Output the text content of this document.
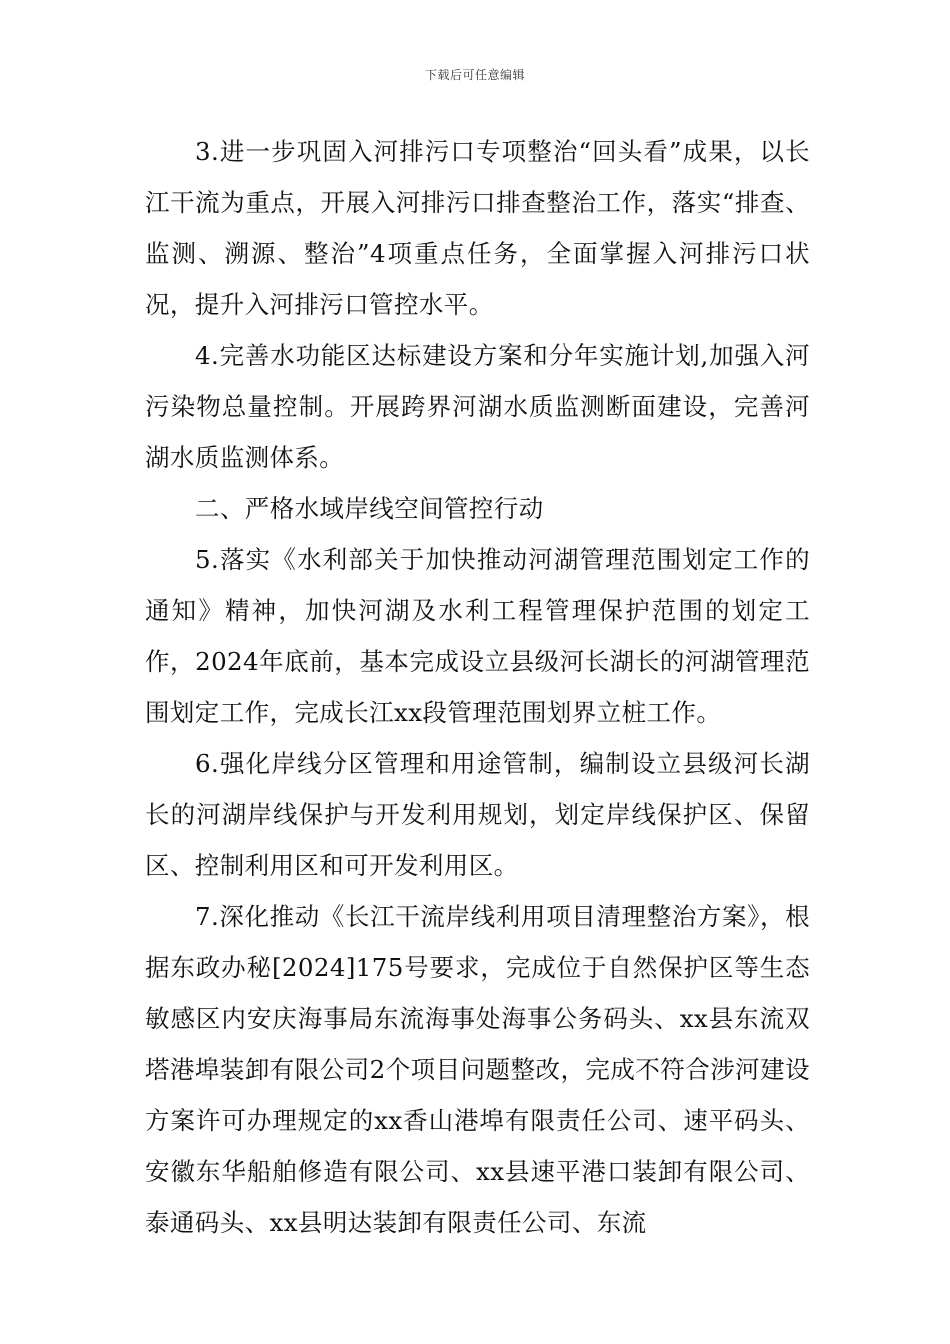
下载后可任意编辑

3.进一步巩固入河排污口专项整治“回头看”成果，以长江干流为重点，开展入河排污口排查整治工作，落实“排查、监测、溯源、整治”4项重点任务，全面掌握入河排污口状况，提升入河排污口管控水平。

4.完善水功能区达标建设方案和分年实施计划,加强入河污染物总量控制。开展跨界河湖水质监测断面建设，完善河湖水质监测体系。

二、严格水域岸线空间管控行动

5.落实《水利部关于加快推动河湖管理范围划定工作的通知》精神，加快河湖及水利工程管理保护范围的划定工作，2024年底前，基本完成设立县级河长湖长的河湖管理范围划定工作，完成长江xx段管理范围划界立桩工作。

6.强化岸线分区管理和用途管制，编制设立县级河长湖长的河湖岸线保护与开发利用规划，划定岸线保护区、保留区、控制利用区和可开发利用区。

7.深化推动《长江干流岸线利用项目清理整治方案》，根据东政办秘[2024]175号要求，完成位于自然保护区等生态敏感区内安庆海事局东流海事处海事公务码头、xx县东流双塔港埠装卸有限公司2个项目问题整改，完成不符合涉河建设方案许可办理规定的xx香山港埠有限责任公司、速平码头、安徽东华船舶修造有限公司、xx县速平港口装卸有限公司、泰通码头、xx县明达装卸有限责任公司、东流
